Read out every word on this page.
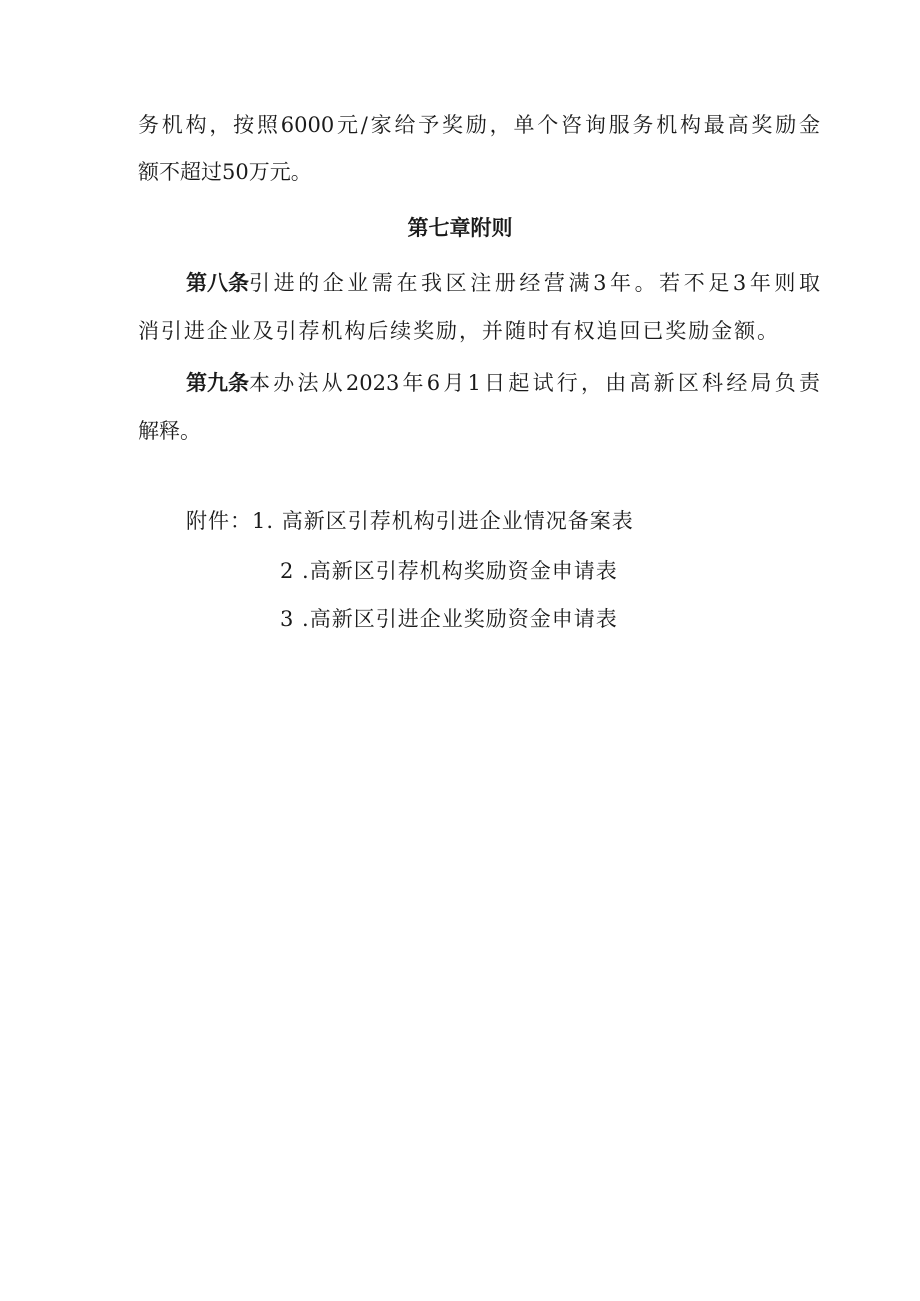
务机构，按照6000元/家给予奖励，单个咨询服务机构最高奖励金
额不超过50万元。
第七章附则
第八条 引进的企业需在我区注册经营满3年。若不足3年则取
消引进企业及引荐机构后续奖励，并随时有权追回已奖励金额。
第九条 本办法从2023年6月1日起试行，由高新区科经局负责
解释。
附件：1. 高新区引荐机构引进企业情况备案表
2 .高新区引荐机构奖励资金申请表
3 .高新区引进企业奖励资金申请表
